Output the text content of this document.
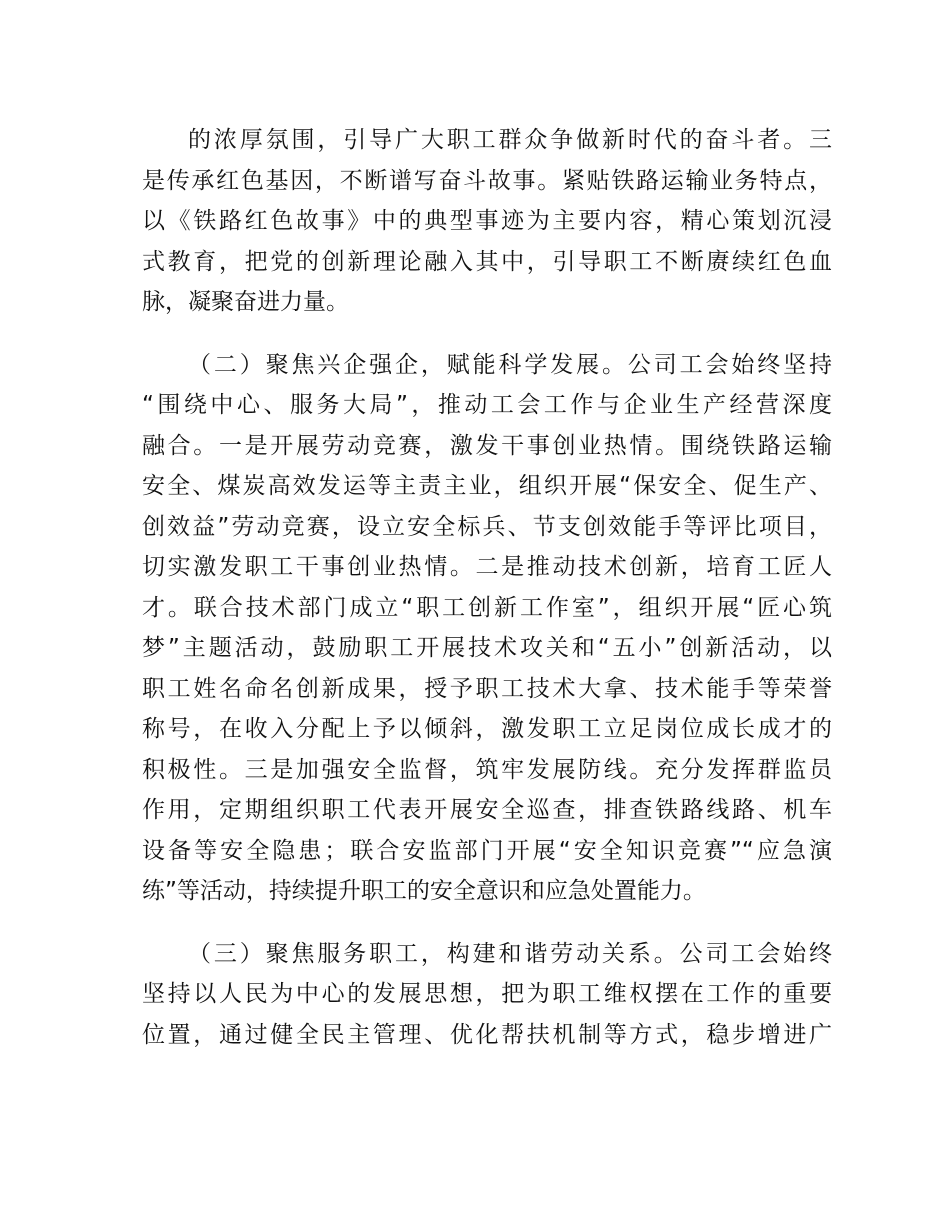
的浓厚氛围，引导广大职工群众争做新时代的奋斗者。三
是传承红色基因，不断谱写奋斗故事。紧贴铁路运输业务特点，
以《铁路红色故事》中的典型事迹为主要内容，精心策划沉浸
式教育，把党的创新理论融入其中，引导职工不断赓续红色血
脉，凝聚奋进力量。
（二）聚焦兴企强企，赋能科学发展。公司工会始终坚持
“围绕中心、服务大局”，推动工会工作与企业生产经营深度
融合。一是开展劳动竞赛，激发干事创业热情。围绕铁路运输
安全、煤炭高效发运等主责主业，组织开展“保安全、促生产、
创效益”劳动竞赛，设立安全标兵、节支创效能手等评比项目，
切实激发职工干事创业热情。二是推动技术创新，培育工匠人
才。联合技术部门成立“职工创新工作室”，组织开展“匠心筑
梦”主题活动，鼓励职工开展技术攻关和“五小”创新活动，以
职工姓名命名创新成果，授予职工技术大拿、技术能手等荣誉
称号，在收入分配上予以倾斜，激发职工立足岗位成长成才的
积极性。三是加强安全监督，筑牢发展防线。充分发挥群监员
作用，定期组织职工代表开展安全巡查，排查铁路线路、机车
设备等安全隐患；联合安监部门开展“安全知识竞赛”“应急演
练”等活动，持续提升职工的安全意识和应急处置能力。
（三）聚焦服务职工，构建和谐劳动关系。公司工会始终
坚持以人民为中心的发展思想，把为职工维权摆在工作的重要
位置，通过健全民主管理、优化帮扶机制等方式，稳步增进广
